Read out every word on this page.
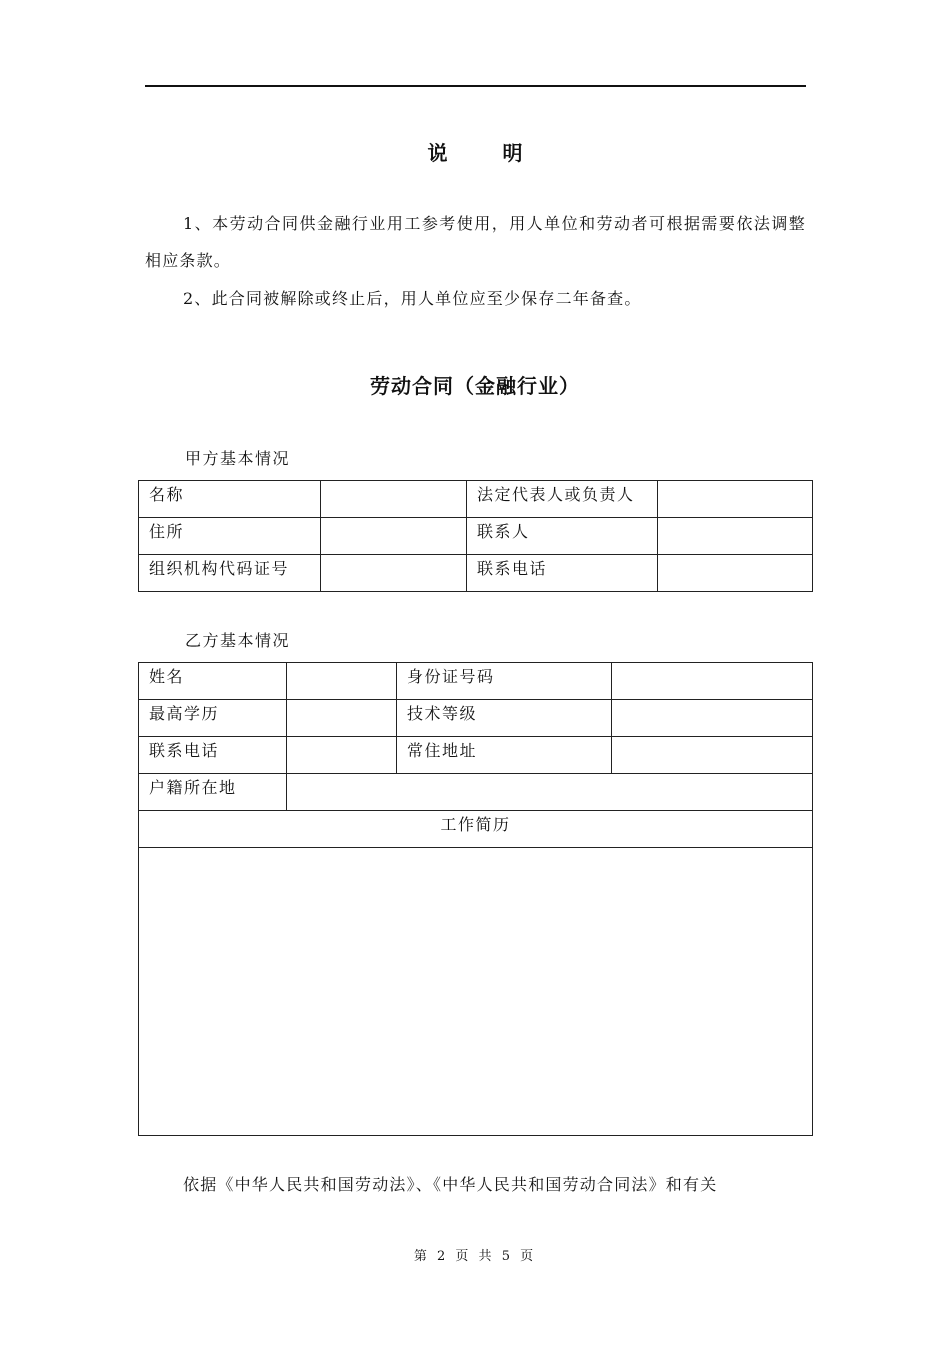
说 明
1、本劳动合同供金融行业用工参考使用，用人单位和劳动者可根据需要依法调整相应条款。
2、此合同被解除或终止后，用人单位应至少保存二年备查。
劳动合同（金融行业）
甲方基本情况
名称		法定代表人或负责人	
住所		联系人	
组织机构代码证号		联系电话	
乙方基本情况
姓名		身份证号码	
最高学历		技术等级	
联系电话		常住地址	
户籍所在地			
工作简历			

依据《中华人民共和国劳动法》、《中华人民共和国劳动合同法》和有关
第 2 页 共 5 页
